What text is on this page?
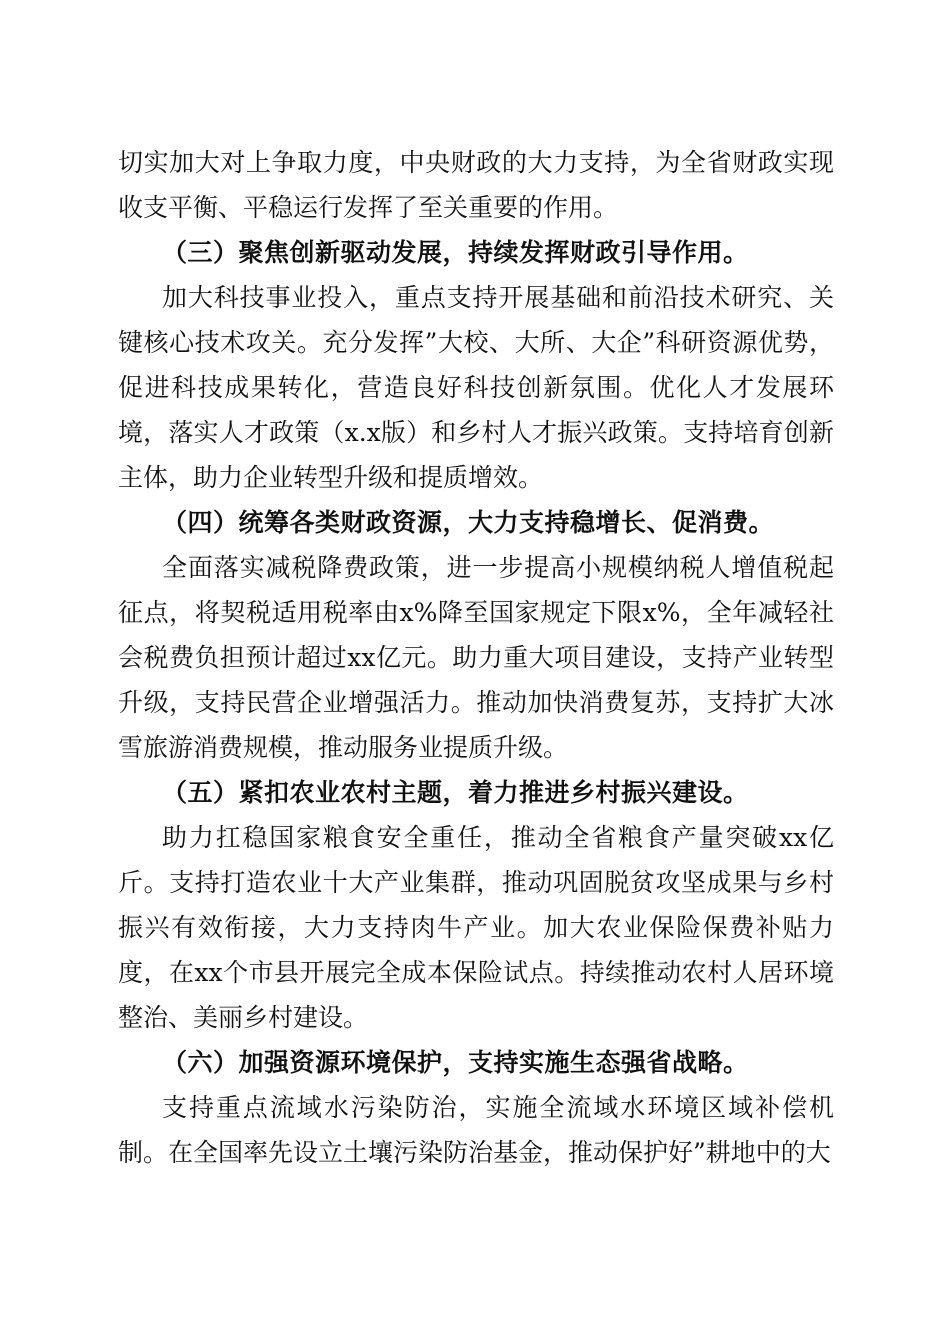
切实加大对上争取力度，中央财政的大力支持，为全省财政实现收支平衡、平稳运行发挥了至关重要的作用。

（三）聚焦创新驱动发展，持续发挥财政引导作用。

加大科技事业投入，重点支持开展基础和前沿技术研究、关键核心技术攻关。充分发挥”大校、大所、大企”科研资源优势，促进科技成果转化，营造良好科技创新氛围。优化人才发展环境，落实人才政策（x.x版）和乡村人才振兴政策。支持培育创新主体，助力企业转型升级和提质增效。

（四）统筹各类财政资源，大力支持稳增长、促消费。

全面落实减税降费政策，进一步提高小规模纳税人增值税起征点，将契税适用税率由x%降至国家规定下限x%，全年减轻社会税费负担预计超过xx亿元。助力重大项目建设，支持产业转型升级，支持民营企业增强活力。推动加快消费复苏，支持扩大冰雪旅游消费规模，推动服务业提质升级。

（五）紧扣农业农村主题，着力推进乡村振兴建设。

助力扛稳国家粮食安全重任，推动全省粮食产量突破xx亿斤。支持打造农业十大产业集群，推动巩固脱贫攻坚成果与乡村振兴有效衔接，大力支持肉牛产业。加大农业保险保费补贴力度，在xx个市县开展完全成本保险试点。持续推动农村人居环境整治、美丽乡村建设。

（六）加强资源环境保护，支持实施生态强省战略。

支持重点流域水污染防治，实施全流域水环境区域补偿机制。在全国率先设立土壤污染防治基金，推动保护好”耕地中的大
